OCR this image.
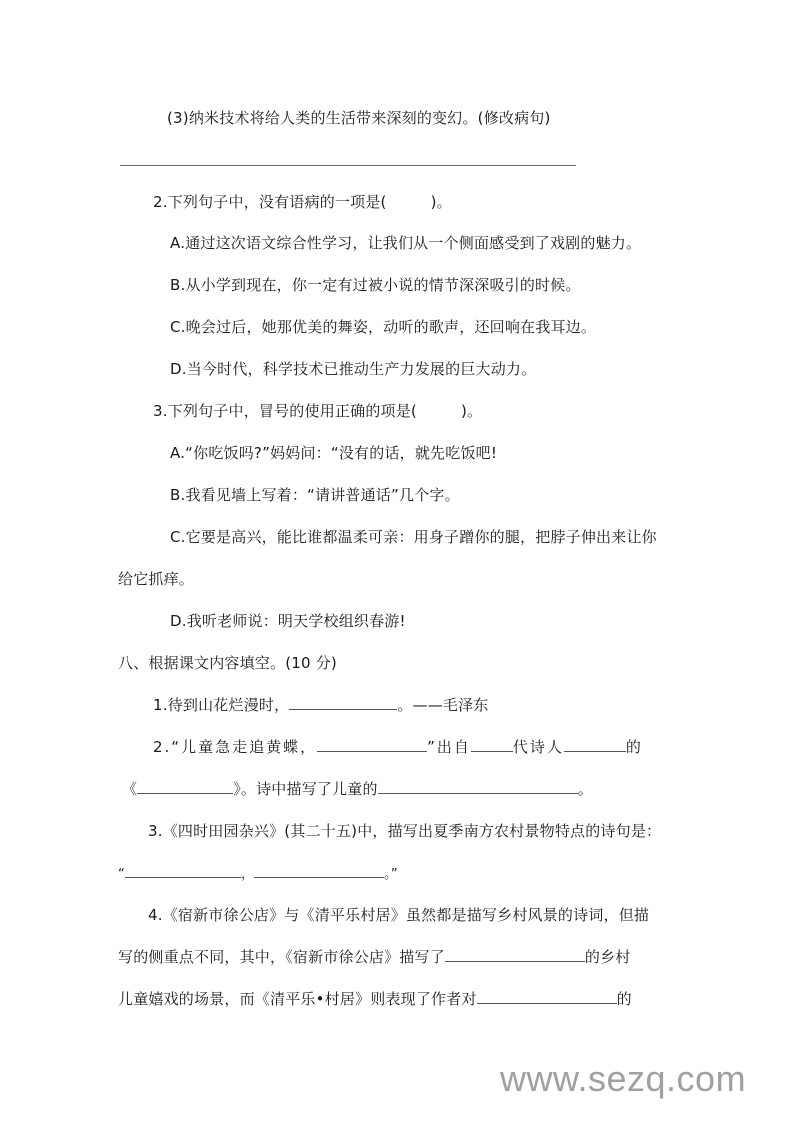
(3)纳米技术将给人类的生活带来深刻的变幻。(修改病句)
2.下列句子中，没有语病的一项是(	)。
A.通过这次语文综合性学习，让我们从一个侧面感受到了戏剧的魅力。
B.从小学到现在，你一定有过被小说的情节深深吸引的时候。
C.晚会过后，她那优美的舞姿，动听的歌声，还回响在我耳边。
D.当今时代，科学技术已推动生产力发展的巨大动力。
3.下列句子中，冒号的使用正确的项是(	)。
A.“你吃饭吗?”妈妈问：“没有的话，就先吃饭吧!
B.我看见墙上写着：“请讲普通话”几个字。
C.它要是高兴，能比谁都温柔可亲：用身子蹭你的腿，把脖子伸出来让你
给它抓痒。
D.我听老师说：明天学校组织春游!
八、根据课文内容填空。(10 分)
1.待到山花烂漫时，	。——毛泽东
2.“儿童急走追黄蝶，	”出自	代诗人	的
《	》。诗中描写了儿童的	。
3.《四时田园杂兴》(其二十五)中，描写出夏季南方农村景物特点的诗句是：
“	，	。”
4.《宿新市徐公店》与《清平乐村居》虽然都是描写乡村风景的诗词，但描
写的侧重点不同，其中，《宿新市徐公店》描写了	的乡村
儿童嬉戏的场景，而《清平乐•村居》则表现了作者对	的
www.sezq.com
